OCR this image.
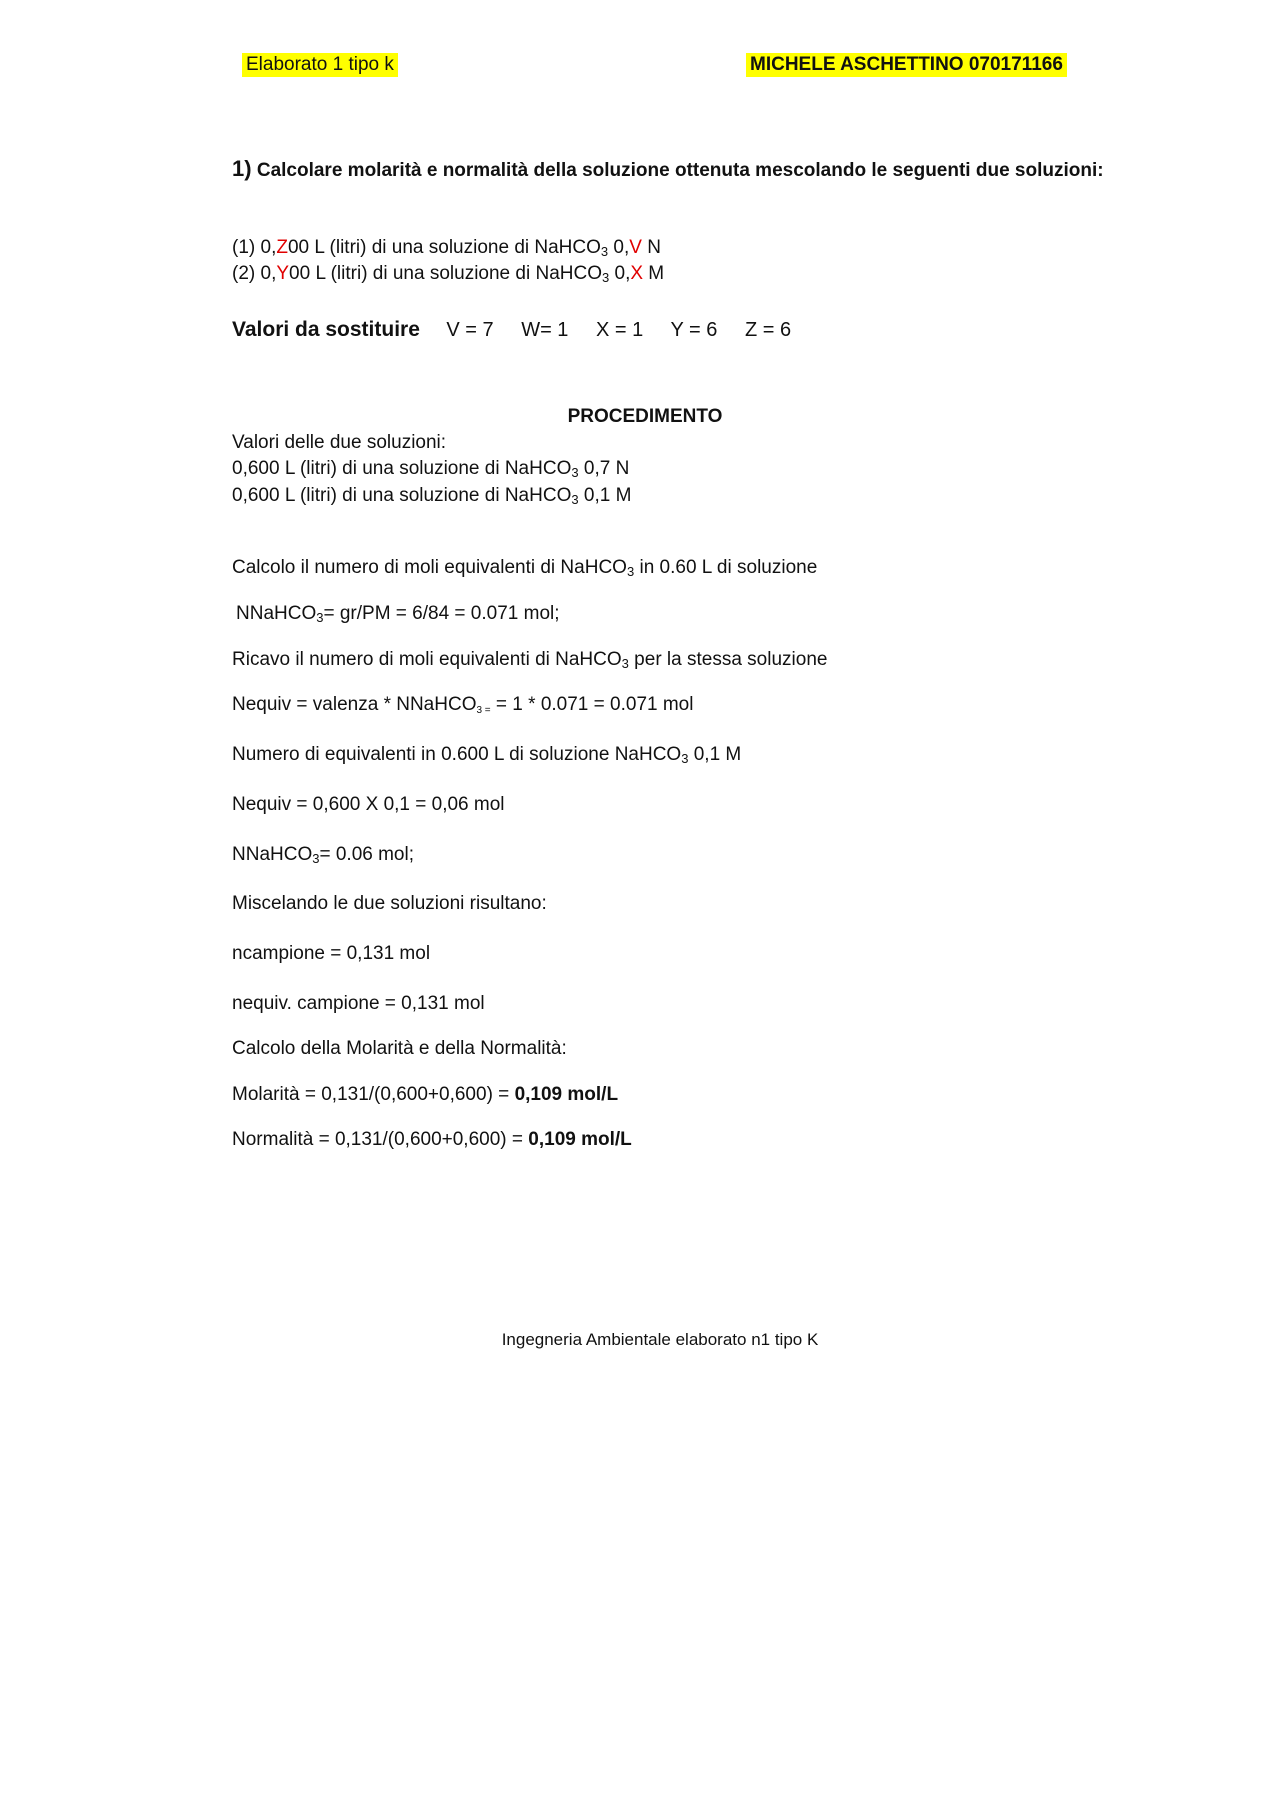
Elaborato 1 tipo k	MICHELE ASCHETTINO 070171166
1) Calcolare molarità e normalità della soluzione ottenuta mescolando le seguenti due soluzioni:
(1) 0,Z00 L (litri) di una soluzione di NaHCO$_3$ 0,V N
(2) 0,Y00 L (litri) di una soluzione di NaHCO$_3$ 0,X M
Valori da sostituire V = 7 W= 1 X = 1 Y = 6 Z = 6
PROCEDIMENTO
Valori delle due soluzioni:
0,600 L (litri) di una soluzione di NaHCO$_3$ 0,7 N
0,600 L (litri) di una soluzione di NaHCO$_3$ 0,1 M
Calcolo il numero di moli equivalenti di NaHCO$_3$ in 0.60 L di soluzione
NNaHCO$_3$= gr/PM = 6/84 = 0.071 mol;
Ricavo il numero di moli equivalenti di NaHCO$_3$ per la stessa soluzione
Nequiv = valenza * NNaHCO$_{3 =}$ = 1 * 0.071 = 0.071 mol
Numero di equivalenti in 0.600 L di soluzione NaHCO$_3$ 0,1 M
Nequiv = 0,600 X 0,1 = 0,06 mol
NNaHCO$_3$= 0.06 mol;
Miscelando le due soluzioni risultano:
ncampione = 0,131 mol
nequiv. campione = 0,131 mol
Calcolo della Molarità e della Normalità:
Molarità = 0,131/(0,600+0,600) = 0,109 mol/L
Normalità = 0,131/(0,600+0,600) = 0,109 mol/L
Ingegneria Ambientale elaborato n1 tipo K
